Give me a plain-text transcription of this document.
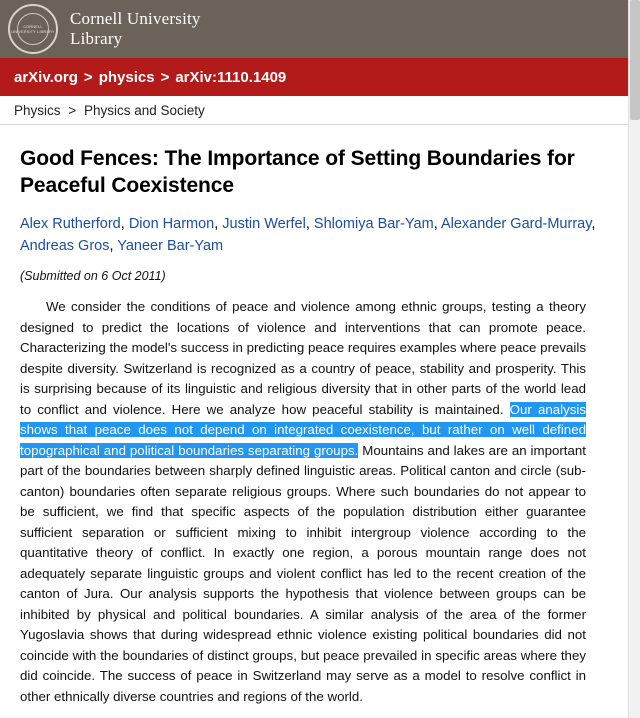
CORNELL UNIVERSITY LIBRARY
Cornell University
Library
arXiv.org > physics > arXiv:1110.1409
Physics > Physics and Society
Good Fences: The Importance of Setting Boundaries for Peaceful Coexistence
Alex Rutherford, Dion Harmon, Justin Werfel, Shlomiya Bar-Yam, Alexander Gard-Murray, Andreas Gros, Yaneer Bar-Yam
(Submitted on 6 Oct 2011)
We consider the conditions of peace and violence among ethnic groups, testing a theory designed to predict the locations of violence and interventions that can promote peace. Characterizing the model's success in predicting peace requires examples where peace prevails despite diversity. Switzerland is recognized as a country of peace, stability and prosperity. This is surprising because of its linguistic and religious diversity that in other parts of the world lead to conflict and violence. Here we analyze how peaceful stability is maintained. Our analysis shows that peace does not depend on integrated coexistence, but rather on well defined topographical and political boundaries separating groups. Mountains and lakes are an important part of the boundaries between sharply defined linguistic areas. Political canton and circle (sub-canton) boundaries often separate religious groups. Where such boundaries do not appear to be sufficient, we find that specific aspects of the population distribution either guarantee sufficient separation or sufficient mixing to inhibit intergroup violence according to the quantitative theory of conflict. In exactly one region, a porous mountain range does not adequately separate linguistic groups and violent conflict has led to the recent creation of the canton of Jura. Our analysis supports the hypothesis that violence between groups can be inhibited by physical and political boundaries. A similar analysis of the area of the former Yugoslavia shows that during widespread ethnic violence existing political boundaries did not coincide with the boundaries of distinct groups, but peace prevailed in specific areas where they did coincide. The success of peace in Switzerland may serve as a model to resolve conflict in other ethnically diverse countries and regions of the world.
